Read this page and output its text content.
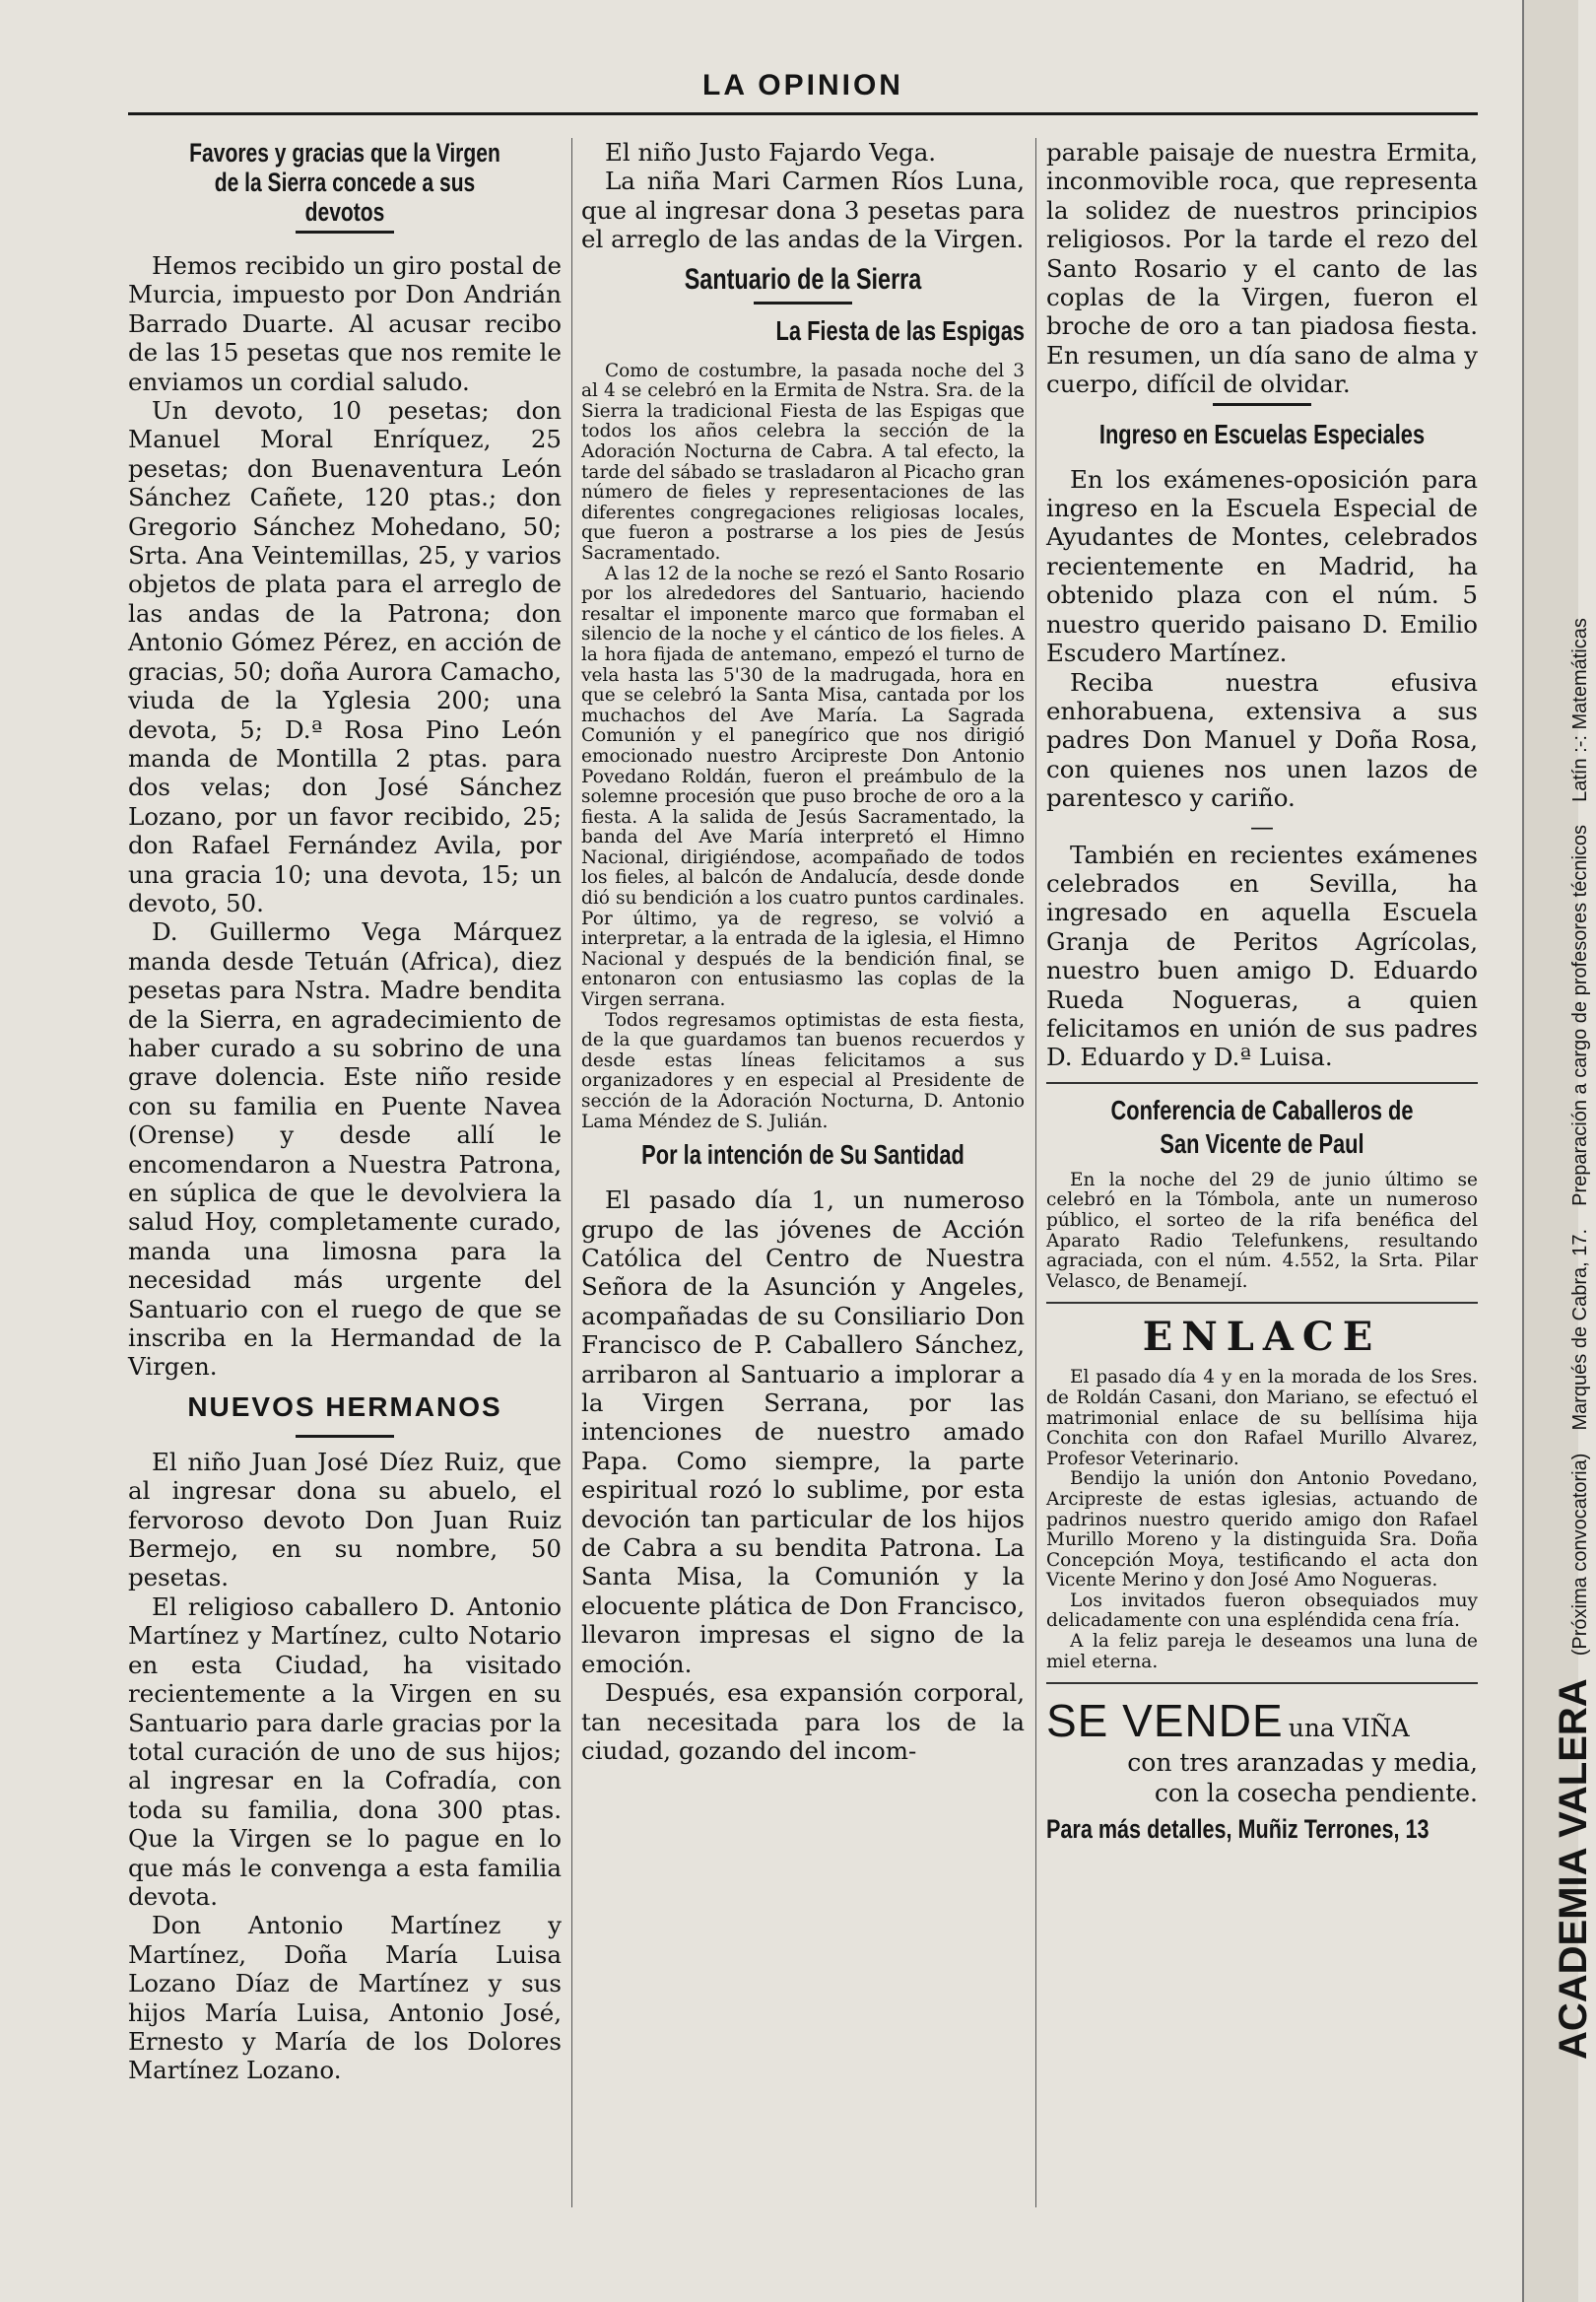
LA OPINION
Favores y gracias que la Virgen de la Sierra concede a sus devotos

Hemos recibido un giro postal de Murcia, impuesto por Don Andrián Barrado Duarte. Al acusar recibo de las 15 pesetas que nos remite le enviamos un cordial saludo.

Un devoto, 10 pesetas; don Manuel Moral Enríquez, 25 pesetas; don Buenaventura León Sánchez Cañete, 120 ptas.; don Gregorio Sánchez Mohedano, 50; Srta. Ana Veintemillas, 25, y varios objetos de plata para el arreglo de las andas de la Patrona; don Antonio Gómez Pérez, en acción de gracias, 50; doña Aurora Camacho, viuda de la Yglesia 200; una devota, 5; D.ª Rosa Pino León manda de Montilla 2 ptas. para dos velas; don José Sánchez Lozano, por un favor recibido, 25; don Rafael Fernández Avila, por una gracia 10; una devota, 15; un devoto, 50.

D. Guillermo Vega Márquez manda desde Tetuán (Africa), diez pesetas para Nstra. Madre bendita de la Sierra, en agradecimiento de haber curado a su sobrino de una grave dolencia. Este niño reside con su familia en Puente Navea (Orense) y desde allí le encomendaron a Nuestra Patrona, en súplica de que le devolviera la salud Hoy, completamente curado, manda una limosna para la necesidad más urgente del Santuario con el ruego de que se inscriba en la Hermandad de la Virgen.

NUEVOS HERMANOS

El niño Juan José Díez Ruiz, que al ingresar dona su abuelo, el fervoroso devoto Don Juan Ruiz Bermejo, en su nombre, 50 pesetas.

El religioso caballero D. Antonio Martínez y Martínez, culto Notario en esta Ciudad, ha visitado recientemente a la Virgen en su Santuario para darle gracias por la total curación de uno de sus hijos; al ingresar en la Cofradía, con toda su familia, dona 300 ptas. Que la Virgen se lo pague en lo que más le convenga a esta familia devota.

Don Antonio Martínez y Martínez, Doña María Luisa Lozano Díaz de Martínez y sus hijos María Luisa, Antonio José, Ernesto y María de los Dolores Martínez Lozano.

El niño Justo Fajardo Vega.

La niña Mari Carmen Ríos Luna, que al ingresar dona 3 pesetas para el arreglo de las andas de la Virgen.

Santuario de la Sierra
La Fiesta de las Espigas

Como de costumbre, la pasada noche del 3 al 4 se celebró en la Ermita de Nstra. Sra. de la Sierra la tradicional Fiesta de las Espigas que todos los años celebra la sección de la Adoración Nocturna de Cabra. A tal efecto, la tarde del sábado se trasladaron al Picacho gran número de fieles y representaciones de las diferentes congregaciones religiosas locales, que fueron a postrarse a los pies de Jesús Sacramentado.

A las 12 de la noche se rezó el Santo Rosario por los alrededores del Santuario, haciendo resaltar el imponente marco que formaban el silencio de la noche y el cántico de los fieles. A la hora fijada de antemano, empezó el turno de vela hasta las 5'30 de la madrugada, hora en que se celebró la Santa Misa, cantada por los muchachos del Ave María. La Sagrada Comunión y el panegírico que nos dirigió emocionado nuestro Arcipreste Don Antonio Povedano Roldán, fueron el preámbulo de la solemne procesión que puso broche de oro a la fiesta. A la salida de Jesús Sacramentado, la banda del Ave María interpretó el Himno Nacional, dirigiéndose, acompañado de todos los fieles, al balcón de Andalucía, desde donde dió su bendición a los cuatro puntos cardinales. Por último, ya de regreso, se volvió a interpretar, a la entrada de la iglesia, el Himno Nacional y después de la bendición final, se entonaron con entusiasmo las coplas de la Virgen serrana.

Todos regresamos optimistas de esta fiesta, de la que guardamos tan buenos recuerdos y desde estas líneas felicitamos a sus organizadores y en especial al Presidente de sección de la Adoración Nocturna, D. Antonio Lama Méndez de S. Julián.

Por la intención de Su Santidad

El pasado día 1, un numeroso grupo de las jóvenes de Acción Católica del Centro de Nuestra Señora de la Asunción y Angeles, acompañadas de su Consiliario Don Francisco de P. Caballero Sánchez, arribaron al Santuario a implorar a la Virgen Serrana, por las intenciones de nuestro amado Papa. Como siempre, la parte espiritual rozó lo sublime, por esta devoción tan particular de los hijos de Cabra a su bendita Patrona. La Santa Misa, la Comunión y la elocuente plática de Don Francisco, llevaron impresas el signo de la emoción.

Después, esa expansión corporal, tan necesitada para los de la ciudad, gozando del incom-

parable paisaje de nuestra Ermita, inconmovible roca, que representa la solidez de nuestros principios religiosos. Por la tarde el rezo del Santo Rosario y el canto de las coplas de la Virgen, fueron el broche de oro a tan piadosa fiesta. En resumen, un día sano de alma y cuerpo, difícil de olvidar.

Ingreso en Escuelas Especiales

En los exámenes-oposición para ingreso en la Escuela Especial de Ayudantes de Montes, celebrados recientemente en Madrid, ha obtenido plaza con el núm. 5 nuestro querido paisano D. Emilio Escudero Martínez.

Reciba nuestra efusiva enhorabuena, extensiva a sus padres Don Manuel y Doña Rosa, con quienes nos unen lazos de parentesco y cariño.

—

También en recientes exámenes celebrados en Sevilla, ha ingresado en aquella Escuela Granja de Peritos Agrícolas, nuestro buen amigo D. Eduardo Rueda Nogueras, a quien felicitamos en unión de sus padres D. Eduardo y D.ª Luisa.

Conferencia de Caballeros de
San Vicente de Paul

En la noche del 29 de junio último se celebró en la Tómbola, ante un numeroso público, el sorteo de la rifa benéfica del Aparato Radio Telefunkens, resultando agraciada, con el núm. 4.552, la Srta. Pilar Velasco, de Benamejí.

ENLACE

El pasado día 4 y en la morada de los Sres. de Roldán Casani, don Mariano, se efectuó el matrimonial enlace de su bellísima hija Conchita con don Rafael Murillo Alvarez, Profesor Veterinario.

Bendijo la unión don Antonio Povedano, Arcipreste de estas iglesias, actuando de padrinos nuestro querido amigo don Rafael Murillo Moreno y la distinguida Sra. Doña Concepción Moya, testificando el acta don Vicente Merino y don José Amo Nogueras.

Los invitados fueron obsequiados muy delicadamente con una espléndida cena fría.

A la feliz pareja le deseamos una luna de miel eterna.

SE VENDE una VIÑA
con tres aranzadas y media,
con la cosecha pendiente.
Para más detalles, Muñiz Terrones, 13	ACADEMIA VALERA (Próxima convocatoria) Marqués de Cabra, 17. Preparación a cargo de profesores técnicos Latín :-: Matemáticas
